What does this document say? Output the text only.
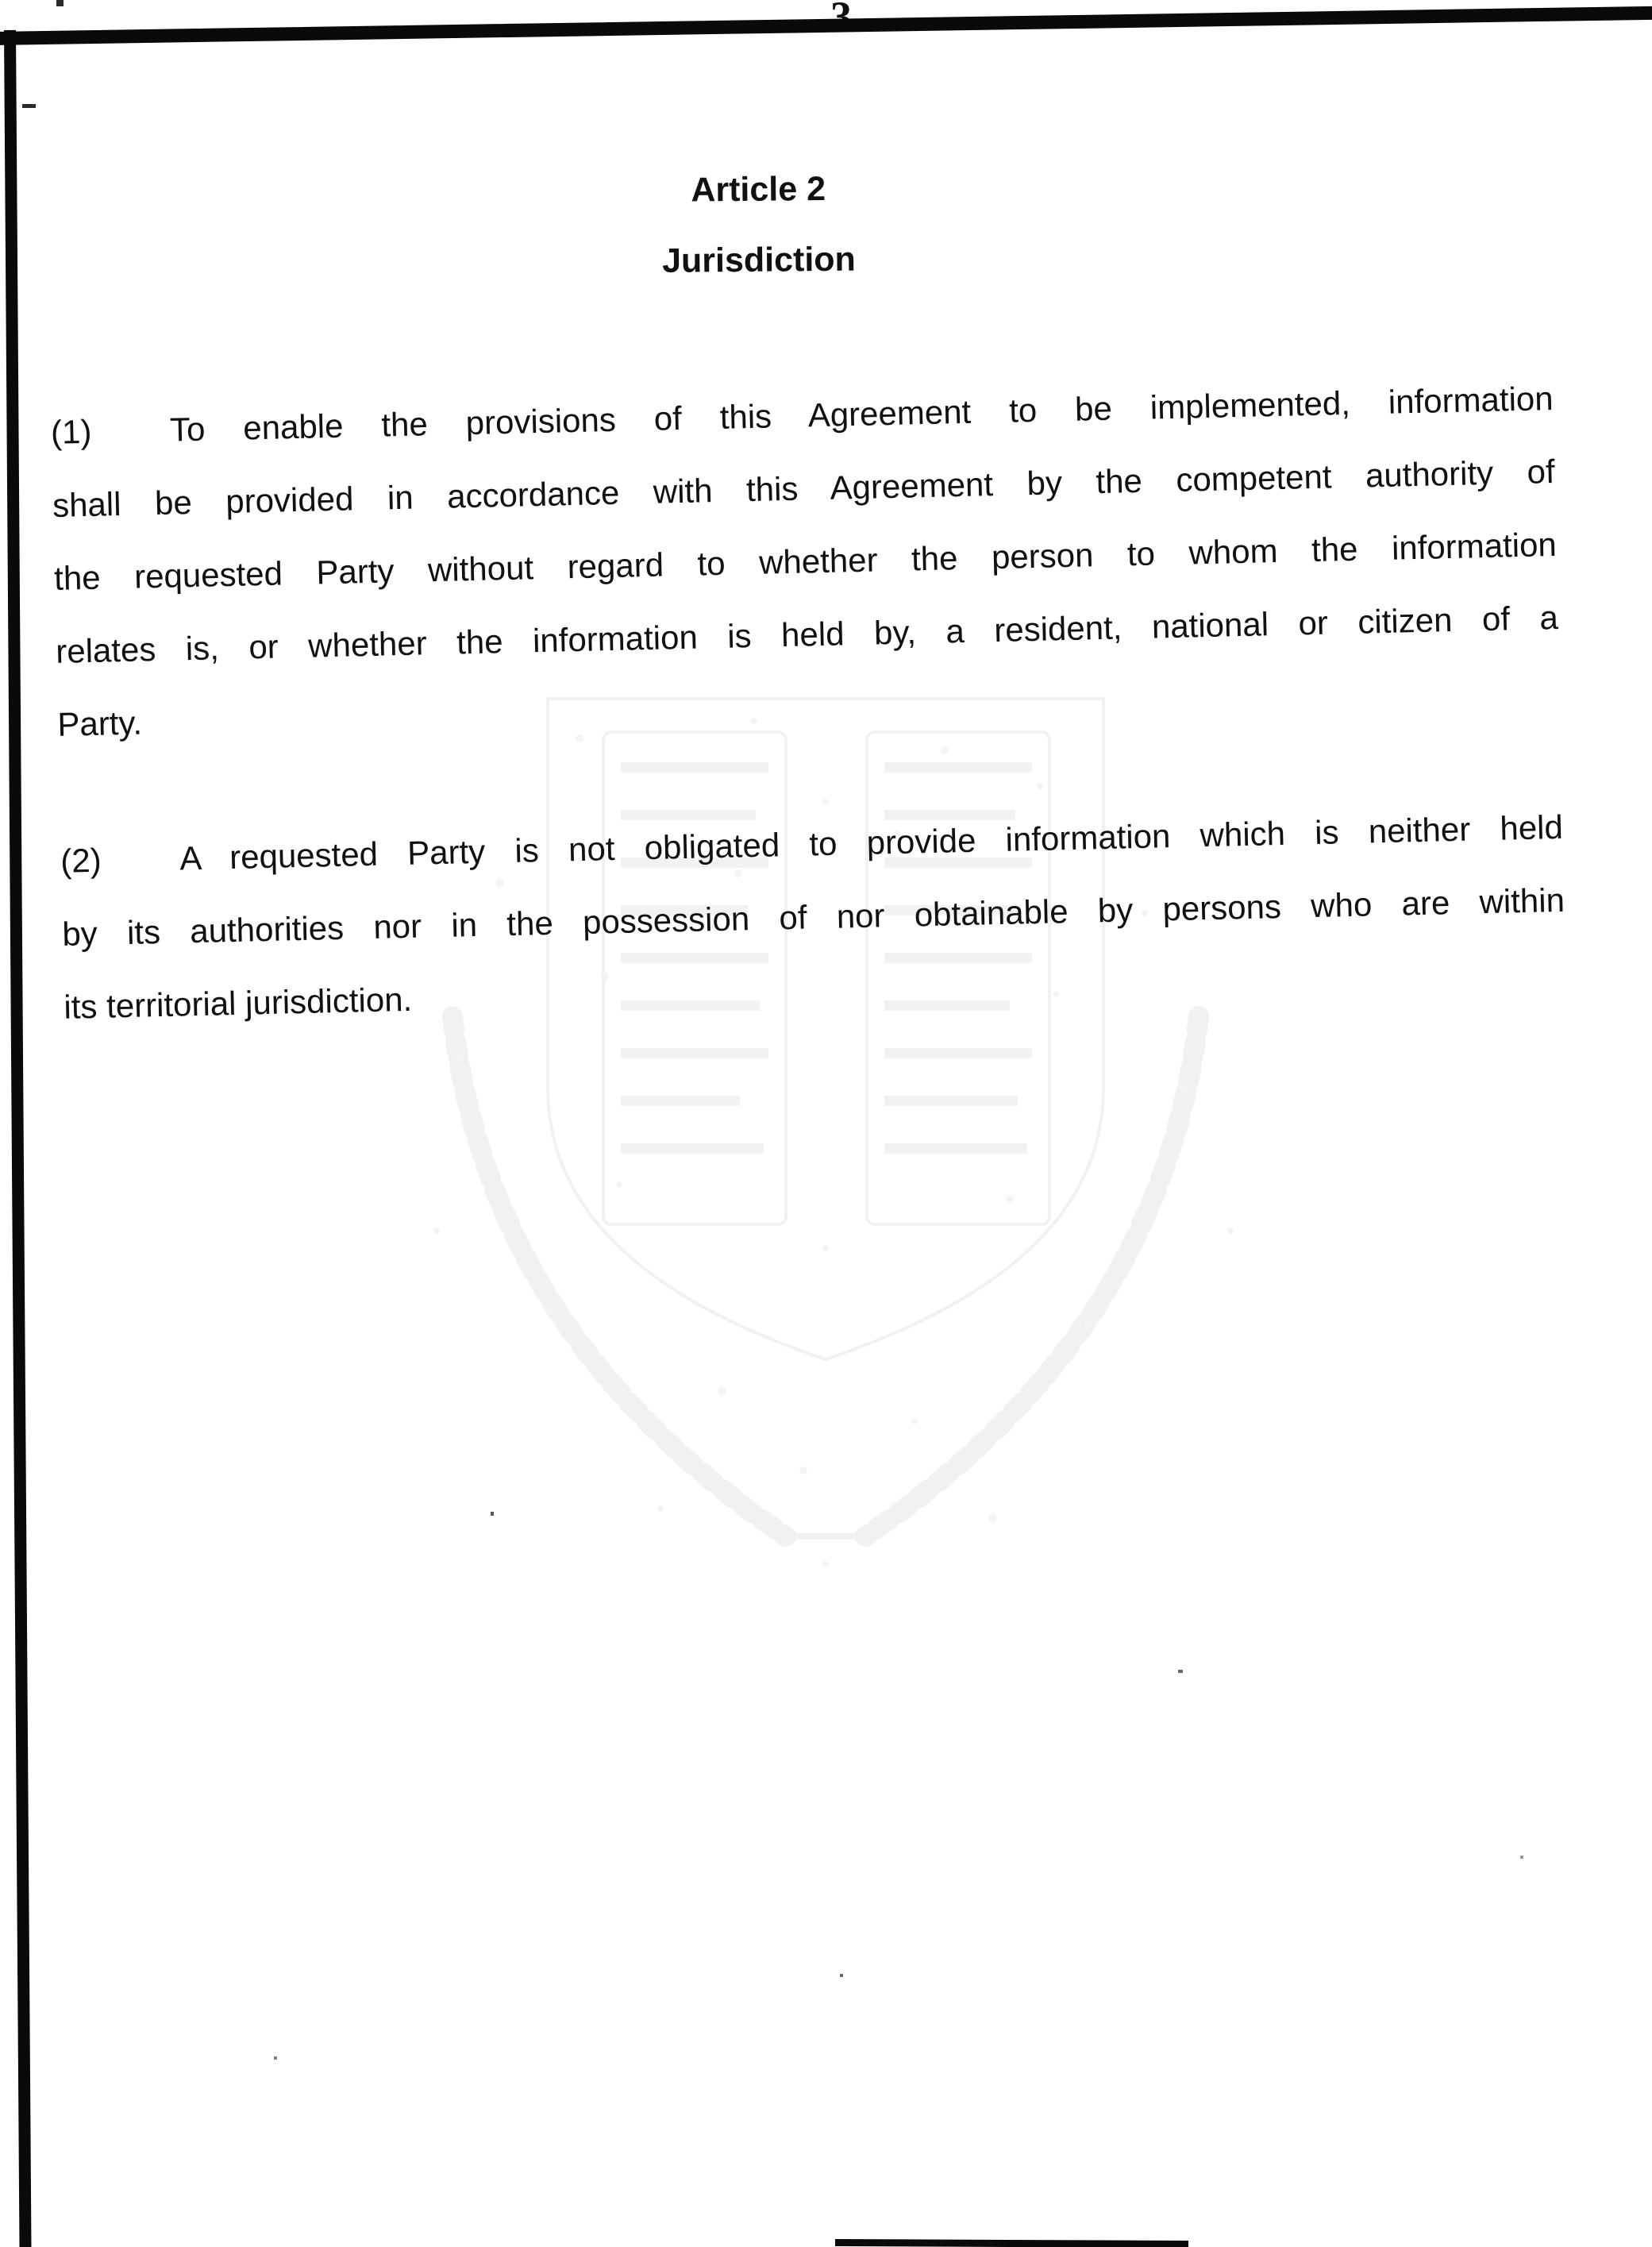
Article 2
Jurisdiction
(1) To enable the provisions of this Agreement to be implemented, information
shall be provided in accordance with this Agreement by the competent authority of
the requested Party without regard to whether the person to whom the information
relates is, or whether the information is held by, a resident, national or citizen of a
Party.
(2) A requested Party is not obligated to provide information which is neither held
by its authorities nor in the possession of nor obtainable by persons who are within
its territorial jurisdiction.
